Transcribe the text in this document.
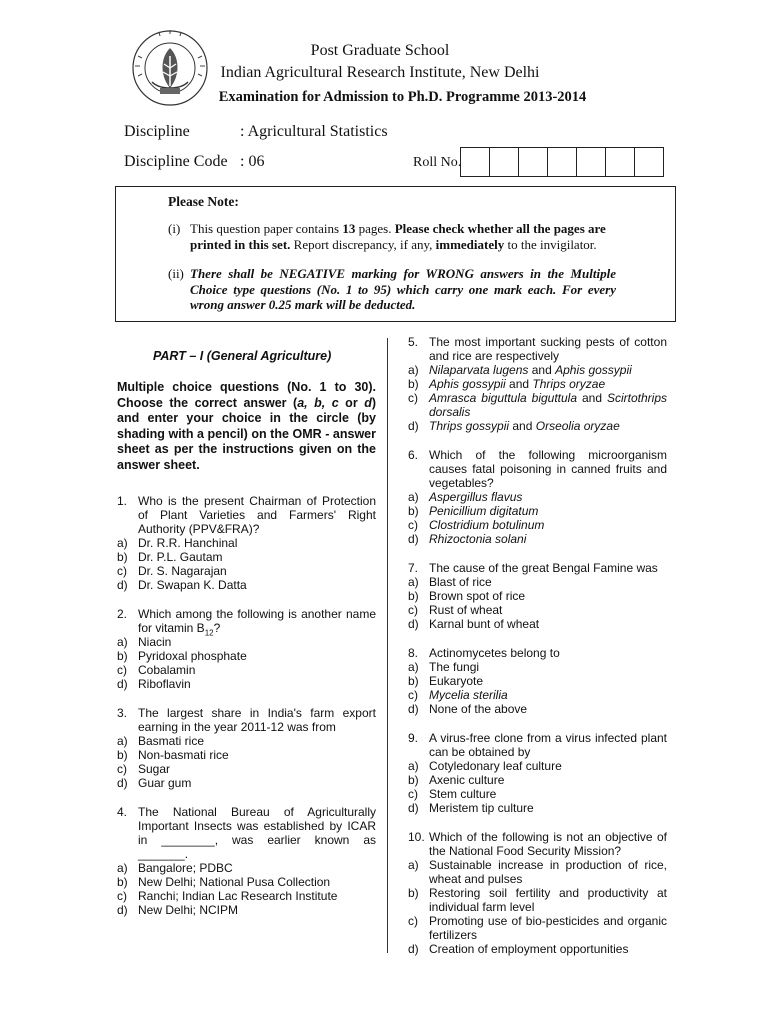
Post Graduate School
Indian Agricultural Research Institute, New Delhi
Examination for Admission to Ph.D. Programme 2013-2014
Discipline	: Agricultural Statistics
Discipline Code : 06	Roll No.
Please Note:
(i) This question paper contains 13 pages. Please check whether all the pages are printed in this set. Report discrepancy, if any, immediately to the invigilator.
(ii) There shall be NEGATIVE marking for WRONG answers in the Multiple Choice type questions (No. 1 to 95) which carry one mark each. For every wrong answer 0.25 mark will be deducted.
PART – I (General Agriculture)
Multiple choice questions (No. 1 to 30). Choose the correct answer (a, b, c or d) and enter your choice in the circle (by shading with a pencil) on the OMR - answer sheet as per the instructions given on the answer sheet.
1. Who is the present Chairman of Protection of Plant Varieties and Farmers' Right Authority (PPV&FRA)?
a) Dr. R.R. Hanchinal
b) Dr. P.L. Gautam
c) Dr. S. Nagarajan
d) Dr. Swapan K. Datta
2. Which among the following is another name for vitamin $B_{12}$?
a) Niacin
b) Pyridoxal phosphate
c) Cobalamin
d) Riboflavin
3. The largest share in India's farm export earning in the year 2011-12 was from
a) Basmati rice
b) Non-basmati rice
c) Sugar
d) Guar gum
4. The National Bureau of Agriculturally Important Insects was established by ICAR in ________, was earlier known as _______.
a) Bangalore; PDBC
b) New Delhi; National Pusa Collection
c) Ranchi; Indian Lac Research Institute
d) New Delhi; NCIPM
5. The most important sucking pests of cotton and rice are respectively
a) Nilaparvata lugens and Aphis gossypii
b) Aphis gossypii and Thrips oryzae
c) Amrasca biguttula biguttula and Scirtothrips dorsalis
d) Thrips gossypii and Orseolia oryzae
6. Which of the following microorganism causes fatal poisoning in canned fruits and vegetables?
a) Aspergillus flavus
b) Penicillium digitatum
c) Clostridium botulinum
d) Rhizoctonia solani
7. The cause of the great Bengal Famine was
a) Blast of rice
b) Brown spot of rice
c) Rust of wheat
d) Karnal bunt of wheat
8. Actinomycetes belong to
a) The fungi
b) Eukaryote
c) Mycelia sterilia
d) None of the above
9. A virus-free clone from a virus infected plant can be obtained by
a) Cotyledonary leaf culture
b) Axenic culture
c) Stem culture
d) Meristem tip culture
10. Which of the following is not an objective of the National Food Security Mission?
a) Sustainable increase in production of rice, wheat and pulses
b) Restoring soil fertility and productivity at individual farm level
c) Promoting use of bio-pesticides and organic fertilizers
d) Creation of employment opportunities
